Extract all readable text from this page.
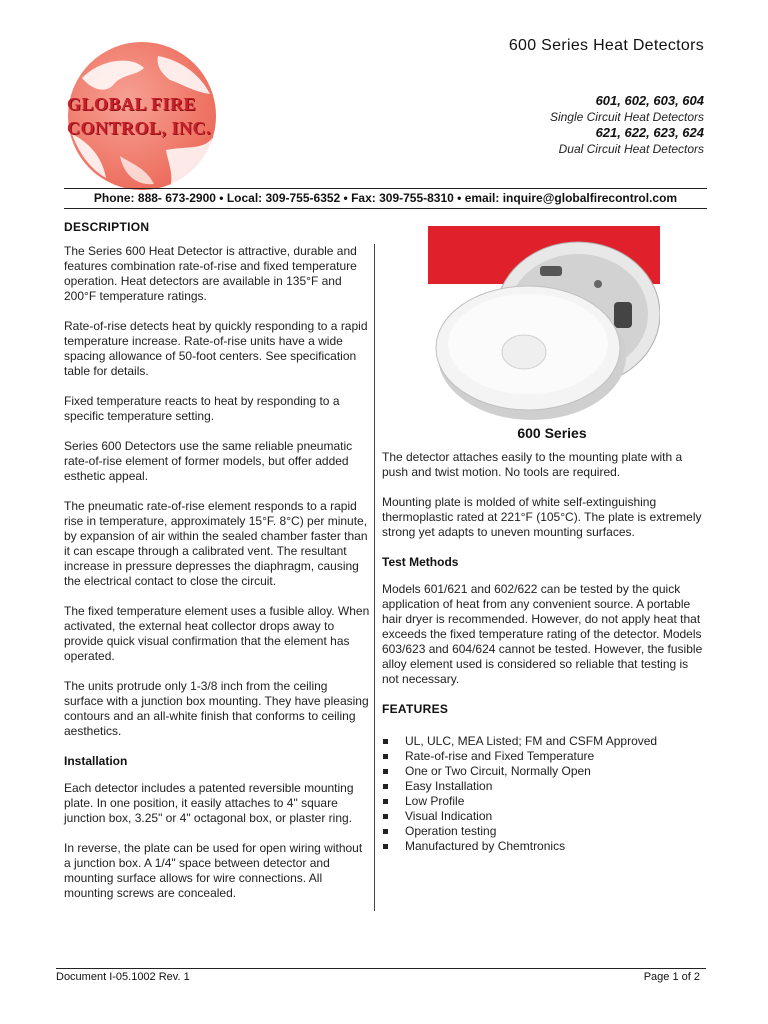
GLOBAL FIRE
CONTROL, INC.
600 Series Heat Detectors
601, 602, 603, 604
Single Circuit Heat Detectors
621, 622, 623, 624
Dual Circuit Heat Detectors
Phone: 888- 673-2900 • Local: 309-755-6352 • Fax: 309-755-8310 • email: inquire@globalfirecontrol.com
DESCRIPTION

The Series 600 Heat Detector is attractive, durable and features combination rate-of-rise and fixed temperature operation. Heat detectors are available in 135°F and 200°F temperature ratings.

Rate-of-rise detects heat by quickly responding to a rapid temperature increase. Rate-of-rise units have a wide spacing allowance of 50-foot centers. See specification table for details.

Fixed temperature reacts to heat by responding to a specific temperature setting.

Series 600 Detectors use the same reliable pneumatic rate-of-rise element of former models, but offer added esthetic appeal.

The pneumatic rate-of-rise element responds to a rapid rise in temperature, approximately 15°F. 8°C) per minute, by expansion of air within the sealed chamber faster than it can escape through a calibrated vent. The resultant increase in pressure depresses the diaphragm, causing the electrical contact to close the circuit.

The fixed temperature element uses a fusible alloy. When activated, the external heat collector drops away to provide quick visual confirmation that the element has operated.

The units protrude only 1-3/8 inch from the ceiling surface with a junction box mounting. They have pleasing contours and an all-white finish that conforms to ceiling aesthetics.

Installation

Each detector includes a patented reversible mounting plate. In one position, it easily attaches to 4" square junction box, 3.25" or 4" octagonal box, or plaster ring.

In reverse, the plate can be used for open wiring without a junction box. A 1/4" space between detector and mounting surface allows for wire connections. All mounting screws are concealed.

600 Series

The detector attaches easily to the mounting plate with a push and twist motion. No tools are required.

Mounting plate is molded of white self-extinguishing thermoplastic rated at 221°F (105°C). The plate is extremely strong yet adapts to uneven mounting surfaces.

Test Methods

Models 601/621 and 602/622 can be tested by the quick application of heat from any convenient source. A portable hair dryer is recommended. However, do not apply heat that exceeds the fixed temperature rating of the detector. Models 603/623 and 604/624 cannot be tested. However, the fusible alloy element used is considered so reliable that testing is not necessary.

FEATURES
UL, ULC, MEA Listed; FM and CSFM Approved
Rate-of-rise and Fixed Temperature
One or Two Circuit, Normally Open
Easy Installation
Low Profile
Visual Indication
Operation testing
Manufactured by Chemtronics
Document I-05.1002 Rev. 1	Page 1 of 2
